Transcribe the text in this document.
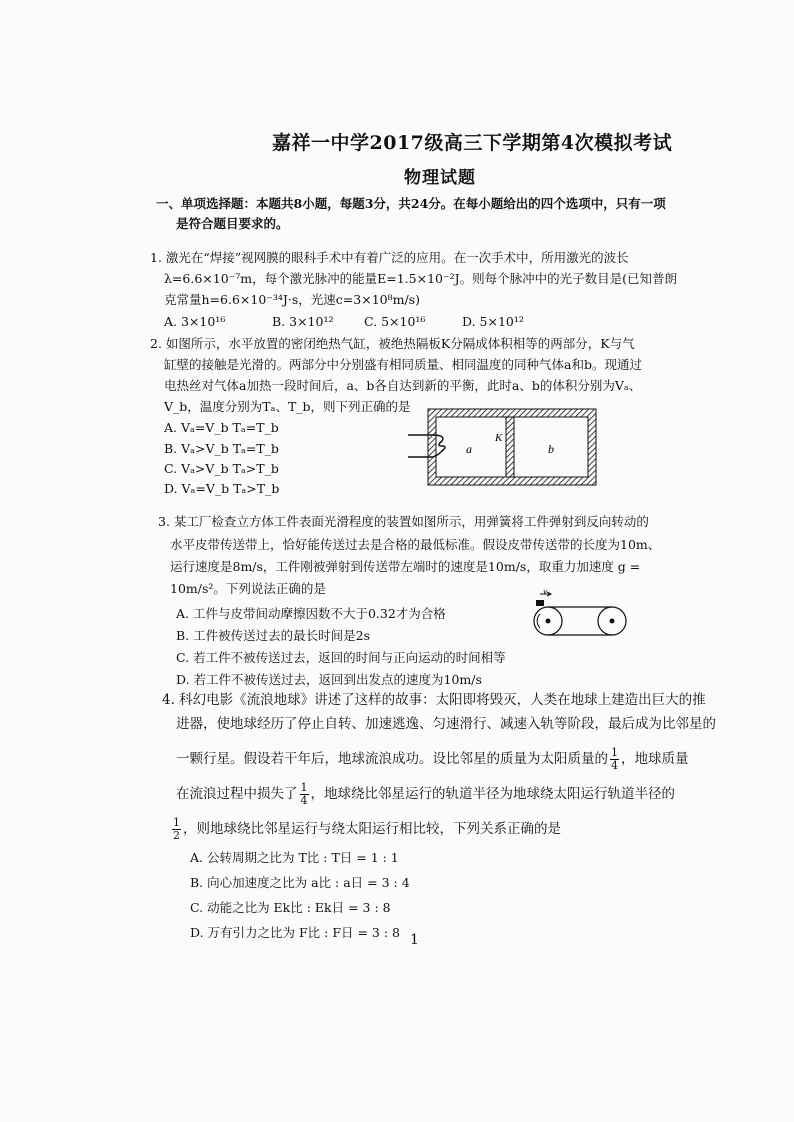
嘉祥一中学2017级高三下学期第4次模拟考试
物理试题
一、单项选择题：本题共8小题，每题3分，共24分。在每小题给出的四个选项中，只有一项
是符合题目要求的。
1. 激光在“焊接”视网膜的眼科手术中有着广泛的应用。在一次手术中，所用激光的波长
λ=6.6×10⁻⁷m，每个激光脉冲的能量E=1.5×10⁻²J。则每个脉冲中的光子数目是(已知普朗
克常量h=6.6×10⁻³⁴J·s，光速c=3×10⁸m/s)
A. 3×10¹⁶	B. 3×10¹² C. 5×10¹⁶	D. 5×10¹²
2. 如图所示，水平放置的密闭绝热气缸，被绝热隔板K分隔成体积相等的两部分，K与气
缸壁的接触是光滑的。两部分中分别盛有相同质量、相同温度的同种气体a和b。现通过
电热丝对气体a加热一段时间后，a、b各自达到新的平衡，此时a、b的体积分别为Vₐ、
V_b，温度分别为Tₐ、T_b，则下列正确的是
A. Vₐ=V_b Tₐ=T_b
B. Vₐ>V_b Tₐ=T_b
C. Vₐ>V_b Tₐ>T_b
D. Vₐ=V_b Tₐ>T_b
a
K
b
3. 某工厂检查立方体工件表面光滑程度的装置如图所示，用弹簧将工件弹射到反向转动的
水平皮带传送带上，恰好能传送过去是合格的最低标准。假设皮带传送带的长度为10m、
运行速度是8m/s，工件刚被弹射到传送带左端时的速度是10m/s，取重力加速度 g =
10m/s²。下列说法正确的是
A. 工件与皮带间动摩擦因数不大于0.32才为合格
B. 工件被传送过去的最长时间是2s
C. 若工件不被传送过去，返回的时间与正向运动的时间相等
D. 若工件不被传送过去，返回到出发点的速度为10m/s
v
4. 科幻电影《流浪地球》讲述了这样的故事：太阳即将毁灭，人类在地球上建造出巨大的推
进器，使地球经历了停止自转、加速逃逸、匀速滑行、减速入轨等阶段，最后成为比邻星的
一颗行星。假设若干年后，地球流浪成功。设比邻星的质量为太阳质量的 $\frac{1}{4}$ ，地球质量
在流浪过程中损失了 $\frac{1}{4}$ ，地球绕比邻星运行的轨道半径为地球绕太阳运行轨道半径的
$\frac{1}{2}$ ，则地球绕比邻星运行与绕太阳运行相比较，下列关系正确的是
A. 公转周期之比为 T比 : T日 = 1 : 1
B. 向心加速度之比为 a比 : a日 = 3 : 4
C. 动能之比为 Ek比 : Ek日 = 3 : 8
D. 万有引力之比为 F比 : F日 = 3 : 8 1
